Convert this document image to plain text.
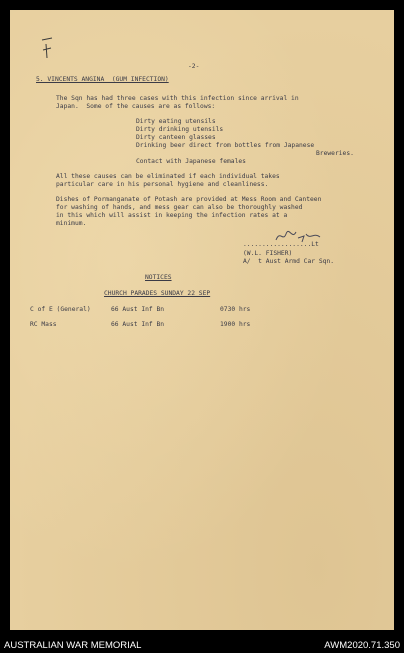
-2-
5. VINCENTS ANGINA  (GUM INFECTION)
The Sqn has had three cases with this infection since arrival in
Japan.  Some of the causes are as follows:
Dirty eating utensils
Dirty drinking utensils
Dirty canteen glasses
Drinking beer direct from bottles from Japanese
Breweries.
Contact with Japanese females
All these causes can be eliminated if each individual takes
particular care in his personal hygiene and cleanliness.
Dishes of Pormanganate of Potash are provided at Mess Room and Canteen
for washing of hands, and mess gear can also be thoroughly washed
in this which will assist in keeping the infection rates at a
minimum.
..................Lt
(W.L. FISHER)
A/  t Aust Armd Car Sqn.
NOTICES
CHURCH PARADES SUNDAY 22 SEP
C of E (General)	66 Aust Inf Bn	0730 hrs
RC Mass	66 Aust Inf Bn	1900 hrs
AUSTRALIAN WAR MEMORIAL	AWM2020.71.350
